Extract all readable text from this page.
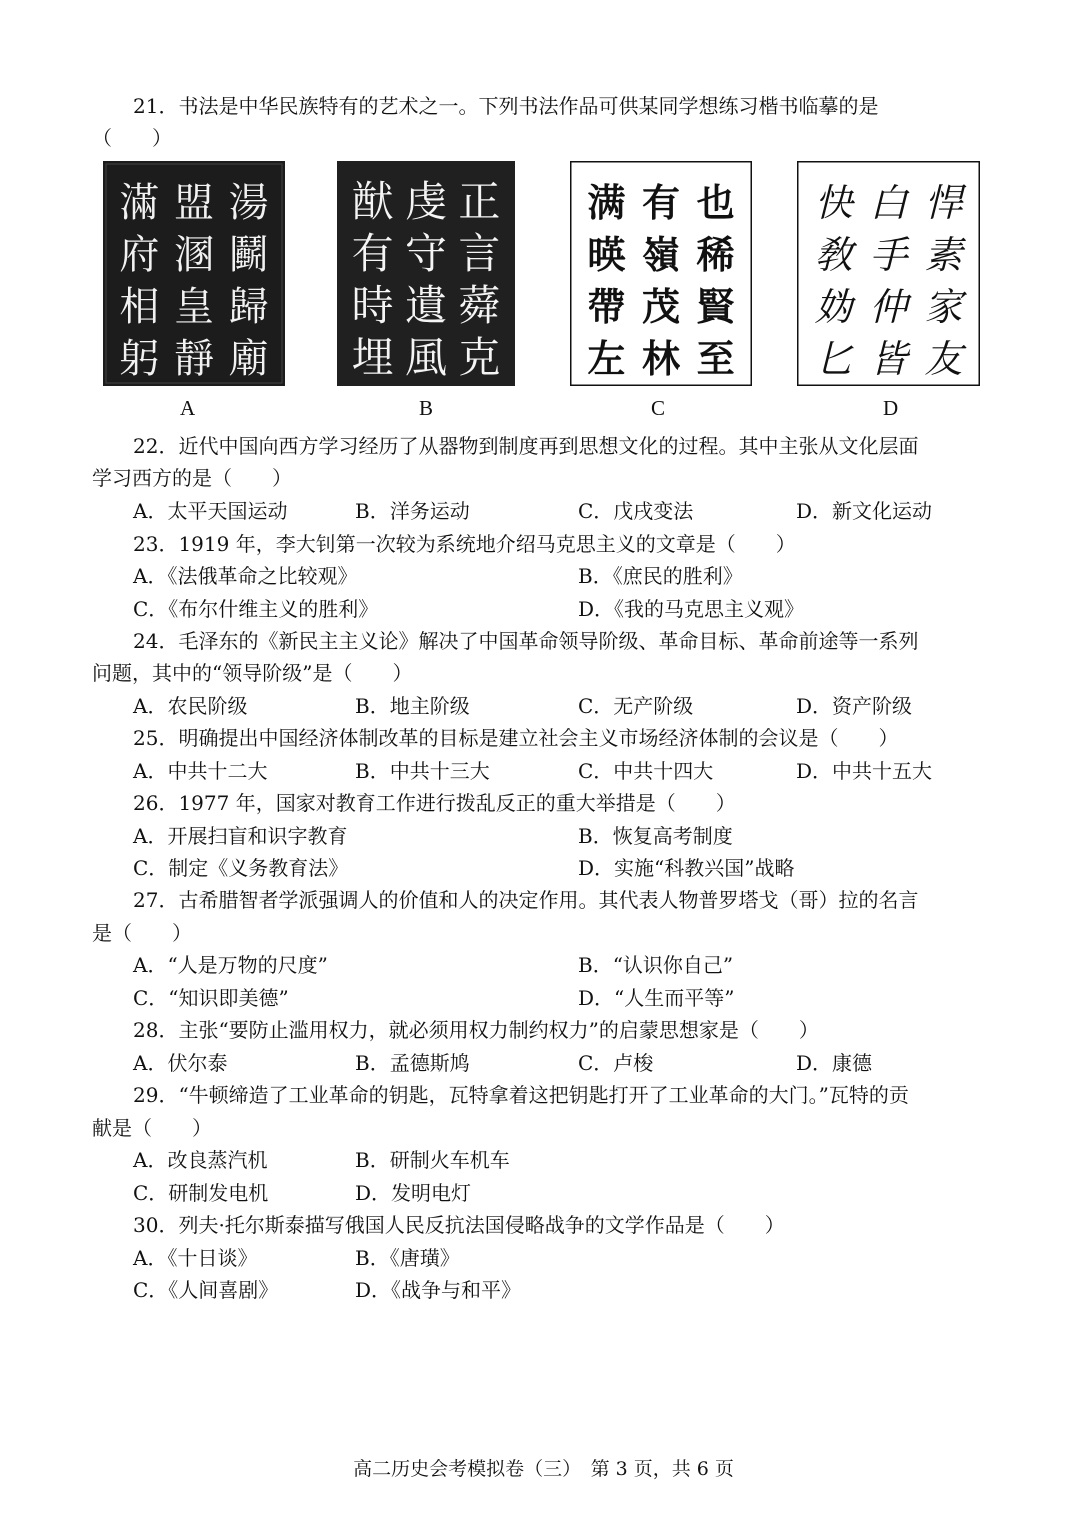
21．书法是中华民族特有的艺术之一。下列书法作品可供某同学想练习楷书临摹的是
（　　）
滿 盟 湯
府 溷 鬬
相 皇 歸
躬 靜 廟
猷 虔 正
有 守 言
時 遺 蕣
埋 風 克
满 有 也
暎 嶺 稀
帶 茂 賢
左 林 至
快 白 悍
敎 手 素
妫 仲 家
匕 皆 友
A	B	C	D
22．近代中国向西方学习经历了从器物到制度再到思想文化的过程。其中主张从文化层面
学习西方的是（　　）
A．太平天国运动	B．洋务运动	C．戊戌变法	D．新文化运动
23．1919 年，李大钊第一次较为系统地介绍马克思主义的文章是（　　）
A．《法俄革命之比较观》	B．《庶民的胜利》
C．《布尔什维主义的胜利》	D．《我的马克思主义观》
24．毛泽东的《新民主主义论》解决了中国革命领导阶级、革命目标、革命前途等一系列
问题，其中的“领导阶级”是（　　）
A．农民阶级	B．地主阶级	C．无产阶级	D．资产阶级
25．明确提出中国经济体制改革的目标是建立社会主义市场经济体制的会议是（　　）
A．中共十二大	B．中共十三大	C．中共十四大	D．中共十五大
26．1977 年，国家对教育工作进行拨乱反正的重大举措是（　　）
A．开展扫盲和识字教育	B．恢复高考制度
C．制定《义务教育法》	D．实施“科教兴国”战略
27．古希腊智者学派强调人的价值和人的决定作用。其代表人物普罗塔戈（哥）拉的名言
是（　　）
A．“人是万物的尺度”	B．“认识你自己”
C．“知识即美德”	D．“人生而平等”
28．主张“要防止滥用权力，就必须用权力制约权力”的启蒙思想家是（　　）
A．伏尔泰	B．孟德斯鸠	C．卢梭	D．康德
29．“牛顿缔造了工业革命的钥匙，瓦特拿着这把钥匙打开了工业革命的大门。”瓦特的贡
献是（　　）
A．改良蒸汽机	B．研制火车机车
C．研制发电机	D．发明电灯
30．列夫·托尔斯泰描写俄国人民反抗法国侵略战争的文学作品是（　　）
A．《十日谈》	B．《唐璜》
C．《人间喜剧》	D．《战争与和平》
高二历史会考模拟卷（三）　第 3 页，共 6 页
